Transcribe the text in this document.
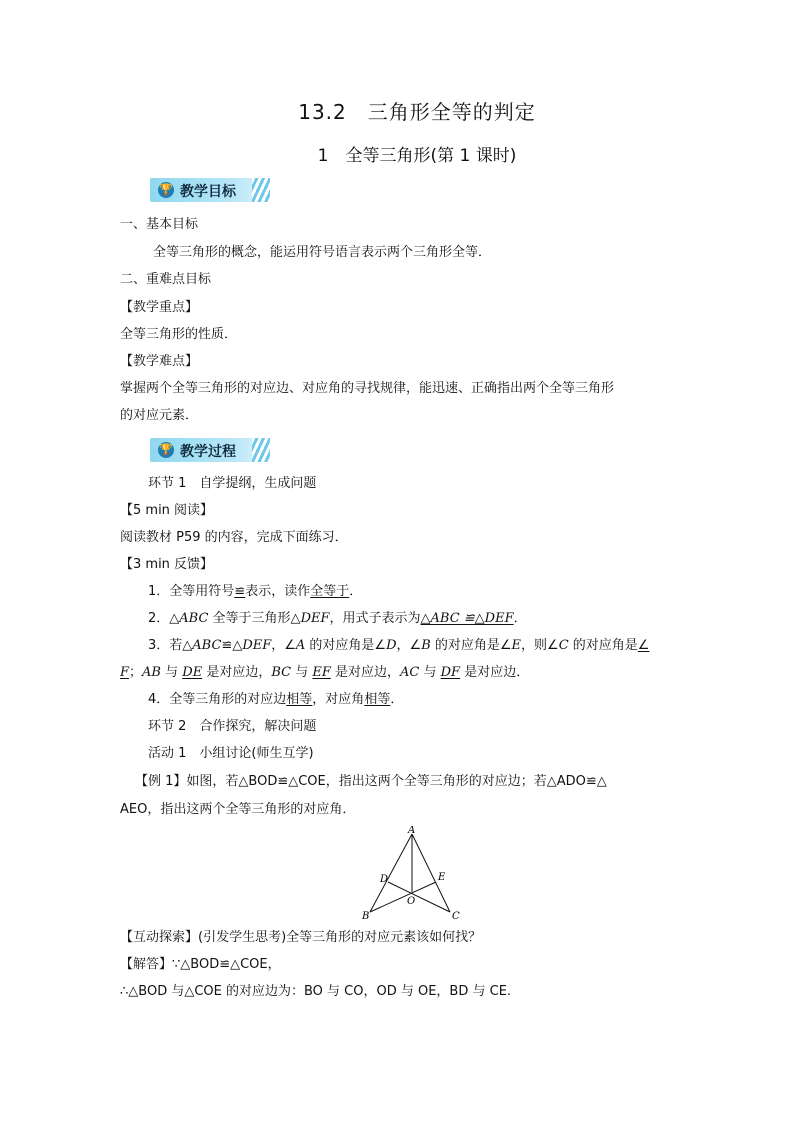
13.2　三角形全等的判定
1　全等三角形(第 1 课时)
🏆 教学目标
一、基本目标
全等三角形的概念，能运用符号语言表示两个三角形全等．
二、重难点目标
【教学重点】
全等三角形的性质．
【教学难点】
掌握两个全等三角形的对应边、对应角的寻找规律，能迅速、正确指出两个全等三角形
的对应元素．
🏆 教学过程
环节 1　自学提纲，生成问题
【5 min 阅读】
阅读教材 P59 的内容，完成下面练习．
【3 min 反馈】
1．全等用符号≌表示，读作全等于．
2．△ABC 全等于三角形△DEF，用式子表示为△ABC ≌△DEF．
3．若△ABC≌△DEF，∠A 的对应角是∠D，∠B 的对应角是∠E，则∠C 的对应角是∠
F；AB 与 DE 是对应边，BC 与 EF 是对应边，AC 与 DF 是对应边．
4．全等三角形的对应边相等，对应角相等．
环节 2　合作探究，解决问题
活动 1　小组讨论(师生互学)
【例 1】如图，若△BOD≌△COE，指出这两个全等三角形的对应边；若△ADO≌△
AEO，指出这两个全等三角形的对应角．
A
B	C
D	E
O
【互动探索】(引发学生思考)全等三角形的对应元素该如何找？
【解答】∵△BOD≌△COE，
∴△BOD 与△COE 的对应边为：BO 与 CO，OD 与 OE，BD 与 CE.
